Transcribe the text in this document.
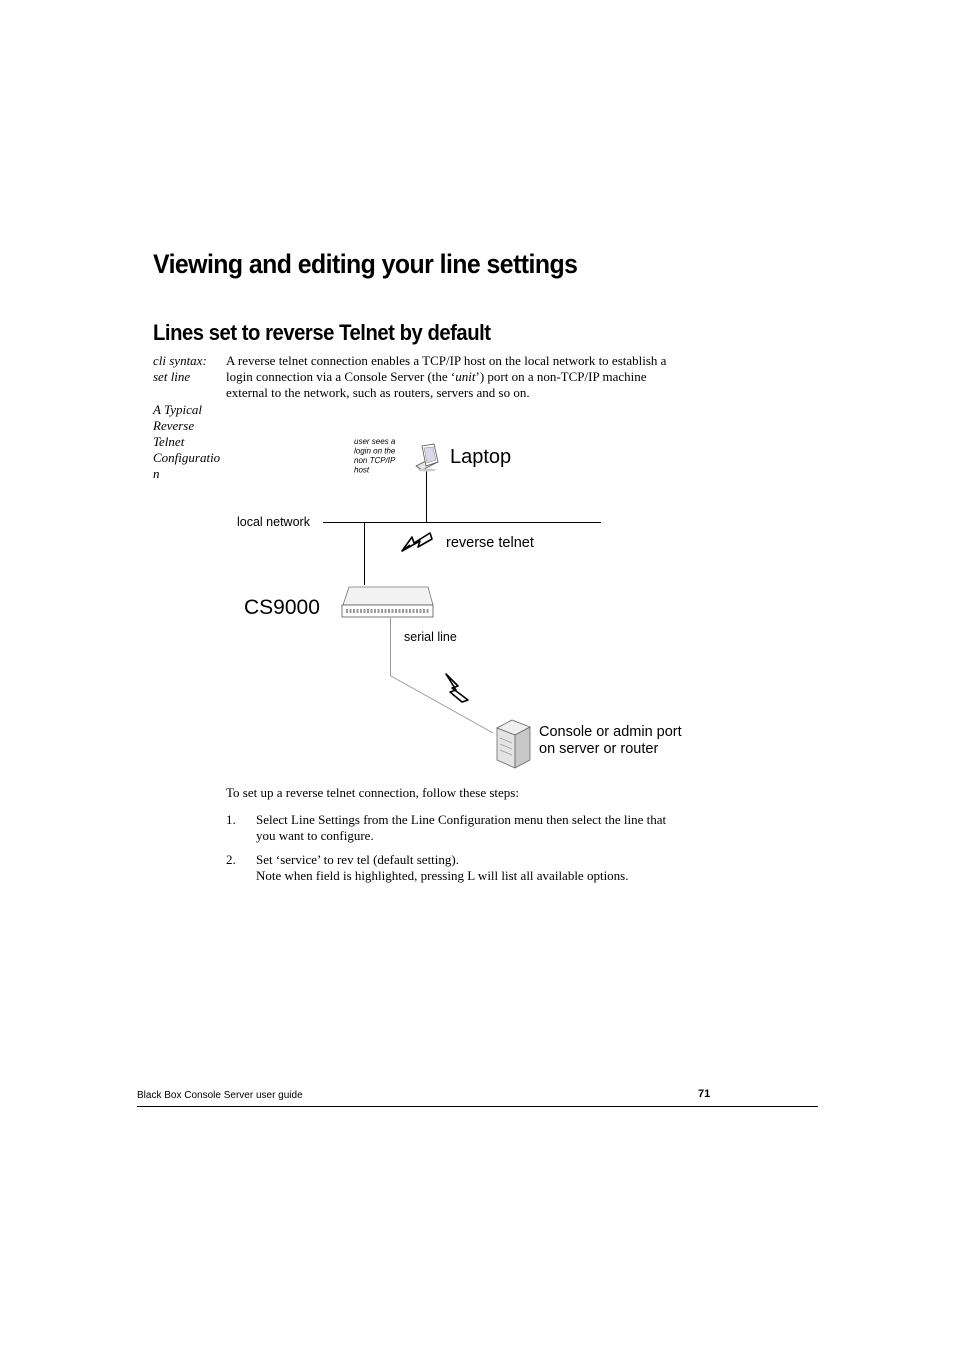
Viewing and editing your line settings
Lines set to reverse Telnet by default
cli syntax:
set line
A Typical
Reverse
Telnet
Configuratio
n
A reverse telnet connection enables a TCP/IP host on the local network to establish a
login connection via a Console Server (the ‘unit’) port on a non-TCP/IP machine
external to the network, such as routers, servers and so on.
user sees a login on the non TCP/IP host
Laptop
local network
reverse telnet
CS9000
serial line
Console or admin port on server or router
To set up a reverse telnet connection, follow these steps:
1. Select Line Settings from the Line Configuration menu then select the line that
you want to configure.
2. Set ‘service’ to rev tel (default setting).
Note when field is highlighted, pressing L will list all available options.
Black Box Console Server user guide	71
